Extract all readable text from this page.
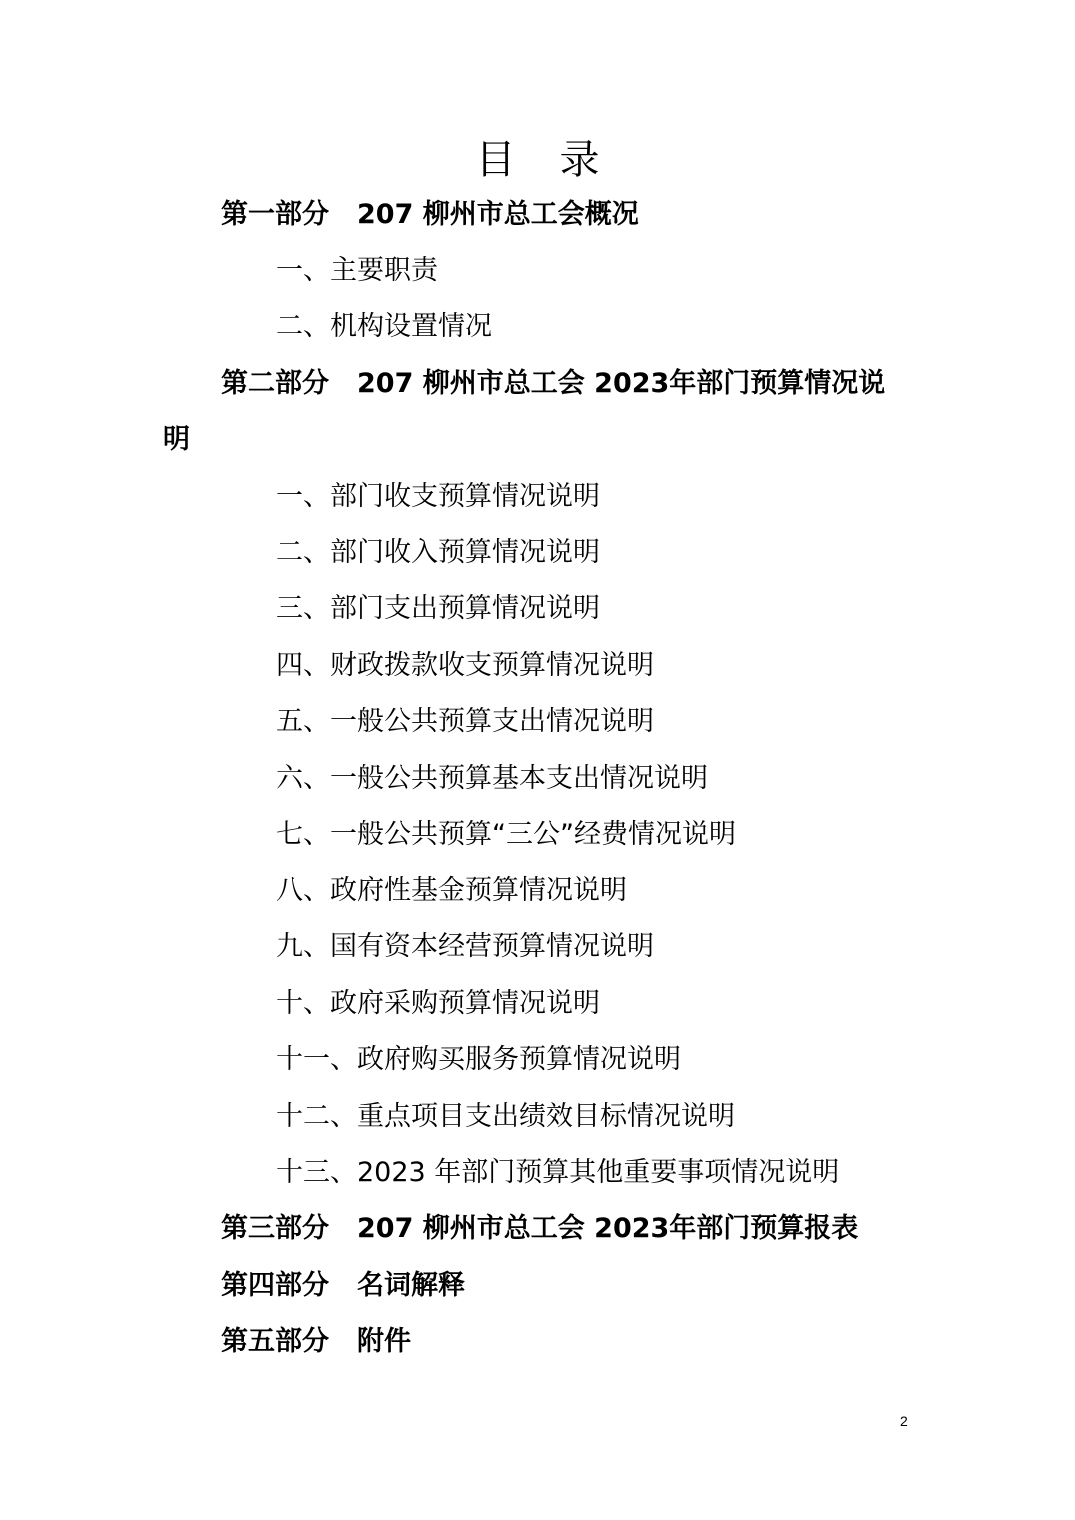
目录
第一部分 207 柳州市总工会概况
一、主要职责
二、机构设置情况
第二部分 207 柳州市总工会 2023年部门预算情况说
明
一、部门收支预算情况说明
二、部门收入预算情况说明
三、部门支出预算情况说明
四、财政拨款收支预算情况说明
五、一般公共预算支出情况说明
六、一般公共预算基本支出情况说明
七、一般公共预算“三公”经费情况说明
八、政府性基金预算情况说明
九、国有资本经营预算情况说明
十、政府采购预算情况说明
十一、政府购买服务预算情况说明
十二、重点项目支出绩效目标情况说明
十三、2023 年部门预算其他重要事项情况说明
第三部分 207 柳州市总工会 2023年部门预算报表
第四部分 名词解释
第五部分 附件
2
